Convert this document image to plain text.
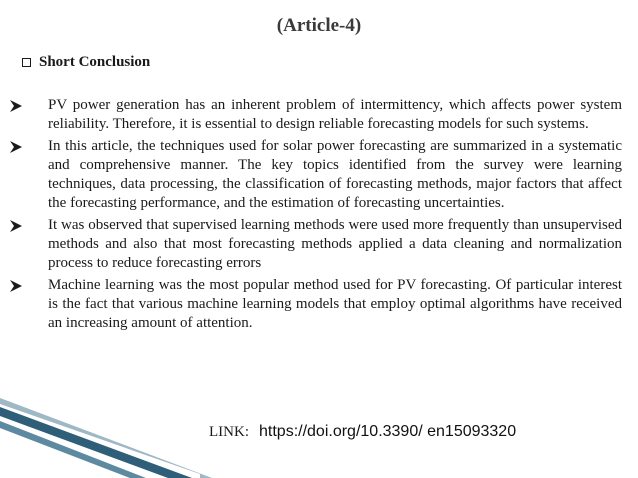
(Article-4)
Short Conclusion
PV power generation has an inherent problem of intermittency, which affects power system reliability. Therefore, it is essential to design reliable forecasting models for such systems.
In this article, the techniques used for solar power forecasting are summarized in a systematic and comprehensive manner. The key topics identified from the survey were learning techniques, data processing, the classification of forecasting methods, major factors that affect the forecasting performance, and the estimation of forecasting uncertainties.
It was observed that supervised learning methods were used more frequently than unsupervised methods and also that most forecasting methods applied a data cleaning and normalization process to reduce forecasting errors
Machine learning was the most popular method used for PV forecasting. Of particular interest is the fact that various machine learning models that employ optimal algorithms have received an increasing amount of attention.
LINK: https://doi.org/10.3390/ en15093320
